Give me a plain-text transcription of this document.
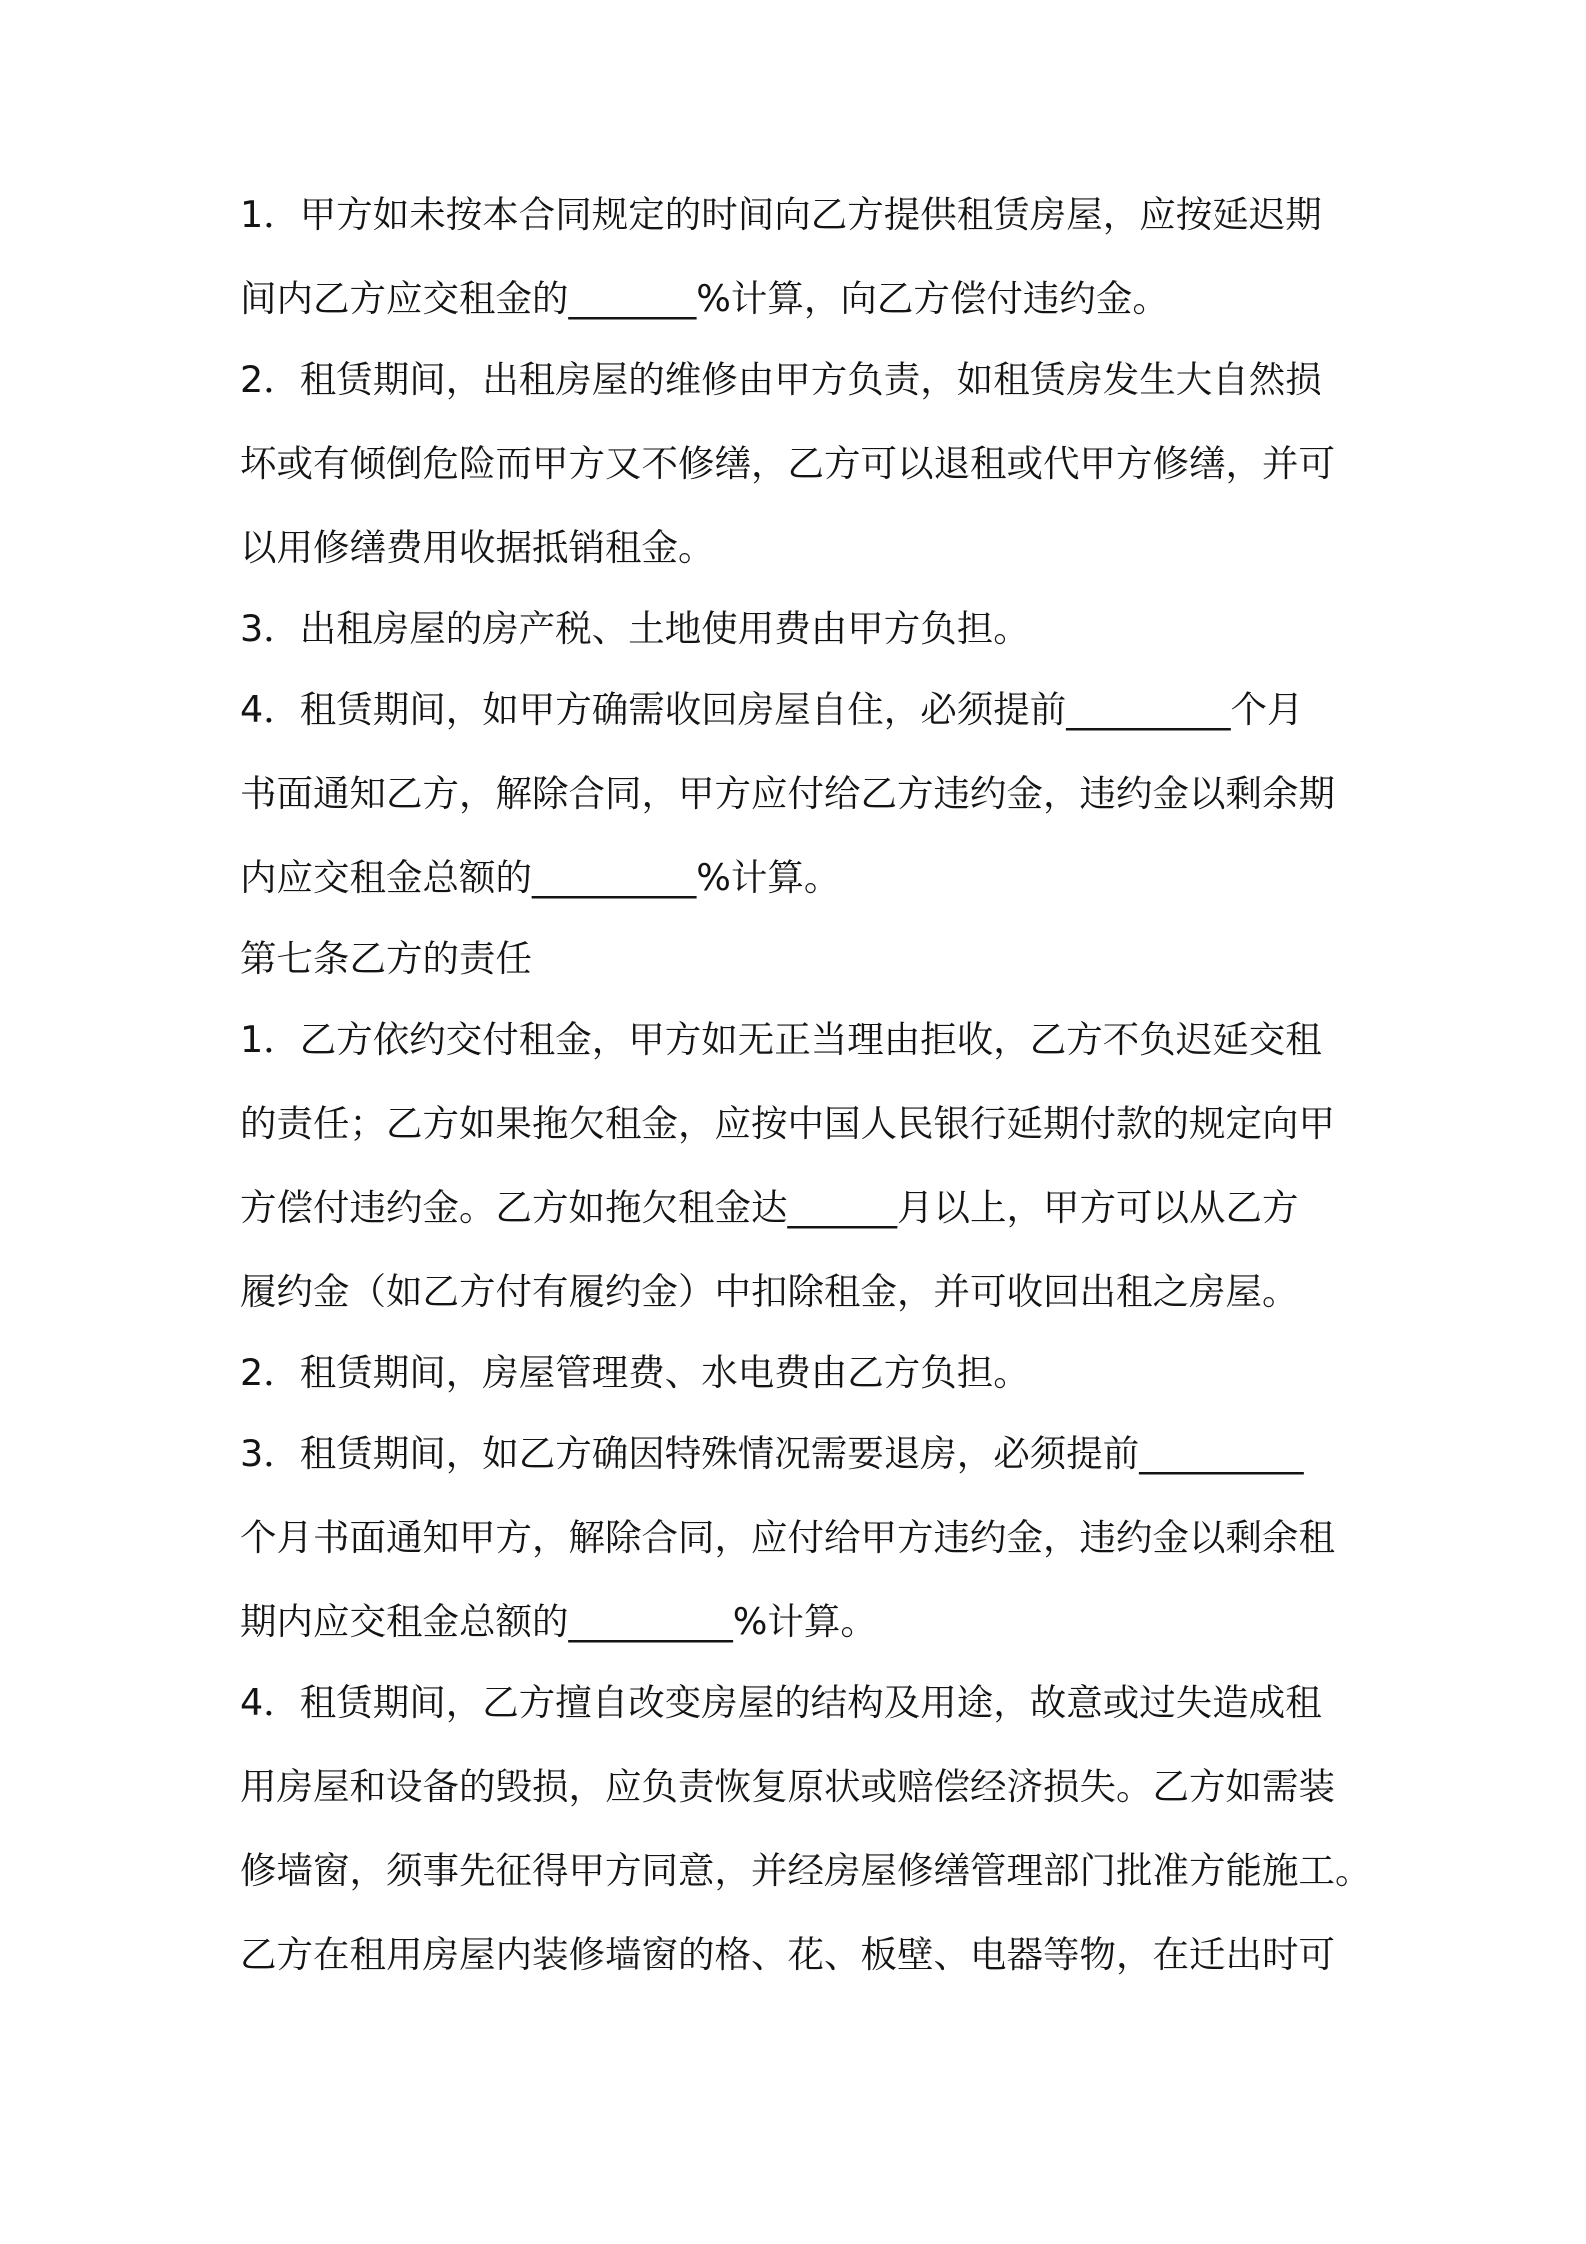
1．甲方如未按本合同规定的时间向乙方提供租赁房屋，应按延迟期
间内乙方应交租金的_______%计算，向乙方偿付违约金。
2．租赁期间，出租房屋的维修由甲方负责，如租赁房发生大自然损
坏或有倾倒危险而甲方又不修缮，乙方可以退租或代甲方修缮，并可
以用修缮费用收据抵销租金。
3．出租房屋的房产税、土地使用费由甲方负担。
4．租赁期间，如甲方确需收回房屋自住，必须提前_________个月
书面通知乙方，解除合同，甲方应付给乙方违约金，违约金以剩余期
内应交租金总额的_________%计算。
第七条乙方的责任
1．乙方依约交付租金，甲方如无正当理由拒收，乙方不负迟延交租
的责任；乙方如果拖欠租金，应按中国人民银行延期付款的规定向甲
方偿付违约金。乙方如拖欠租金达______月以上，甲方可以从乙方
履约金（如乙方付有履约金）中扣除租金，并可收回出租之房屋。
2．租赁期间，房屋管理费、水电费由乙方负担。
3．租赁期间，如乙方确因特殊情况需要退房，必须提前_________
个月书面通知甲方，解除合同，应付给甲方违约金，违约金以剩余租
期内应交租金总额的_________%计算。
4．租赁期间，乙方擅自改变房屋的结构及用途，故意或过失造成租
用房屋和设备的毁损，应负责恢复原状或赔偿经济损失。乙方如需装
修墙窗，须事先征得甲方同意，并经房屋修缮管理部门批准方能施工。
乙方在租用房屋内装修墙窗的格、花、板壁、电器等物，在迁出时可
